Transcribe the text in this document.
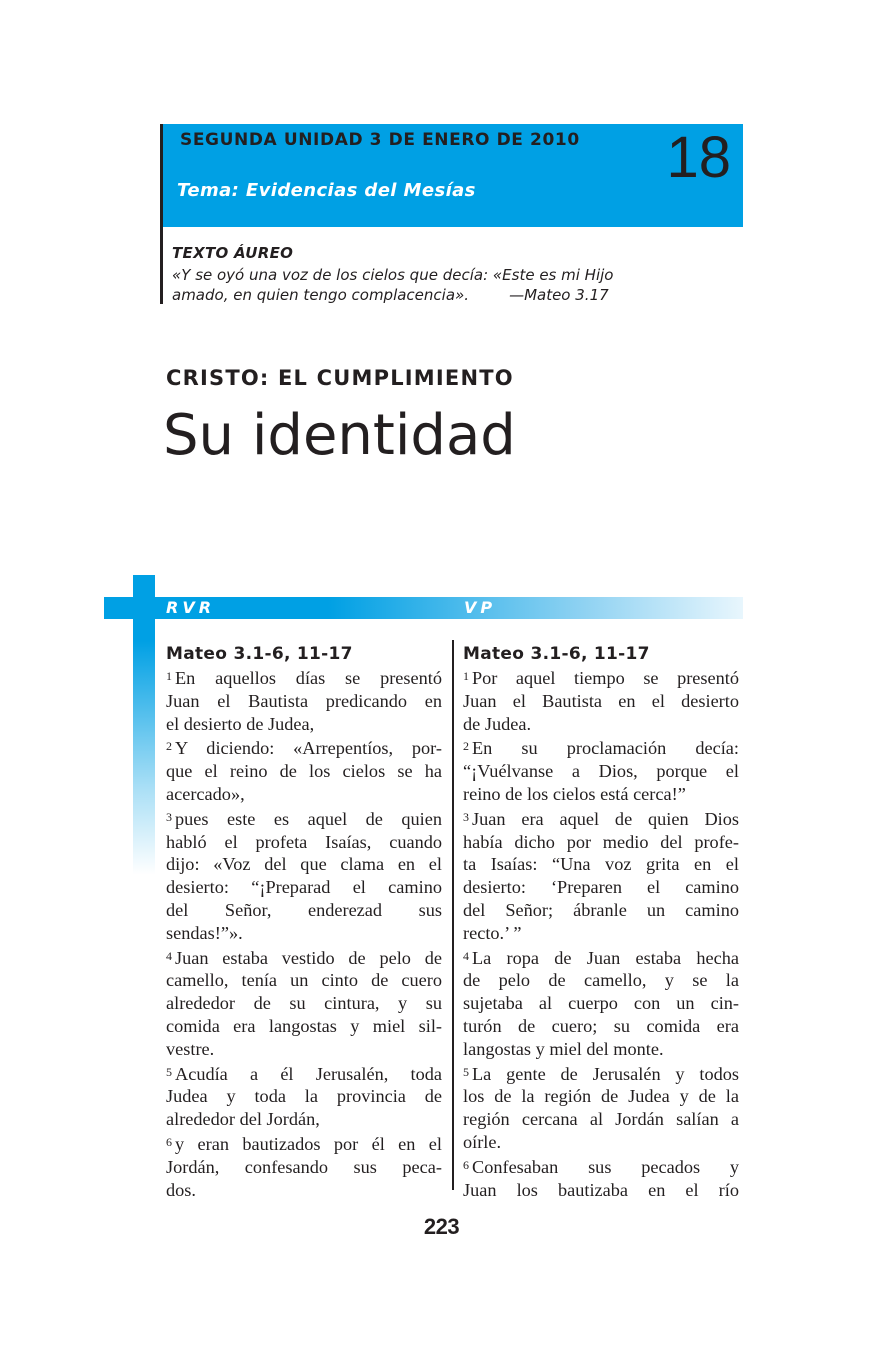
SEGUNDA UNIDAD 3 DE ENERO DE 2010 18
Tema: Evidencias del Mesías
TEXTO ÁUREO
«Y se oyó una voz de los cielos que decía: «Este es mi Hijo
amado, en quien tengo complacencia».	—Mateo 3.17
CRISTO: EL CUMPLIMIENTO
Su identidad
RVR	VP
Mateo 3.1-6, 11-17
$^1$ En aquellos días se presentó
Juan el Bautista predicando en
el desierto de Judea,
$^2$ Y diciendo: «Arrepentíos, por-
que el reino de los cielos se ha
acercado»,
$^3$ pues este es aquel de quien
habló el profeta Isaías, cuando
dijo: «Voz del que clama en el
desierto: “¡Preparad el camino
del Señor, enderezad sus
sendas!”».
$^4$ Juan estaba vestido de pelo de
camello, tenía un cinto de cuero
alrededor de su cintura, y su
comida era langostas y miel sil-
vestre.
$^5$ Acudía a él Jerusalén, toda
Judea y toda la provincia de
alrededor del Jordán,
$^6$ y eran bautizados por él en el
Jordán, confesando sus peca-
dos.
Mateo 3.1-6, 11-17
$^1$ Por aquel tiempo se presentó
Juan el Bautista en el desierto
de Judea.
$^2$ En su proclamación decía:
“¡Vuélvanse a Dios, porque el
reino de los cielos está cerca!”
$^3$ Juan era aquel de quien Dios
había dicho por medio del profe-
ta Isaías: “Una voz grita en el
desierto: ‘Preparen el camino
del Señor; ábranle un camino
recto.’ ”
$^4$ La ropa de Juan estaba hecha
de pelo de camello, y se la
sujetaba al cuerpo con un cin-
turón de cuero; su comida era
langostas y miel del monte.
$^5$ La gente de Jerusalén y todos
los de la región de Judea y de la
región cercana al Jordán salían a
oírle.
$^6$ Confesaban sus pecados y
Juan los bautizaba en el río
223
